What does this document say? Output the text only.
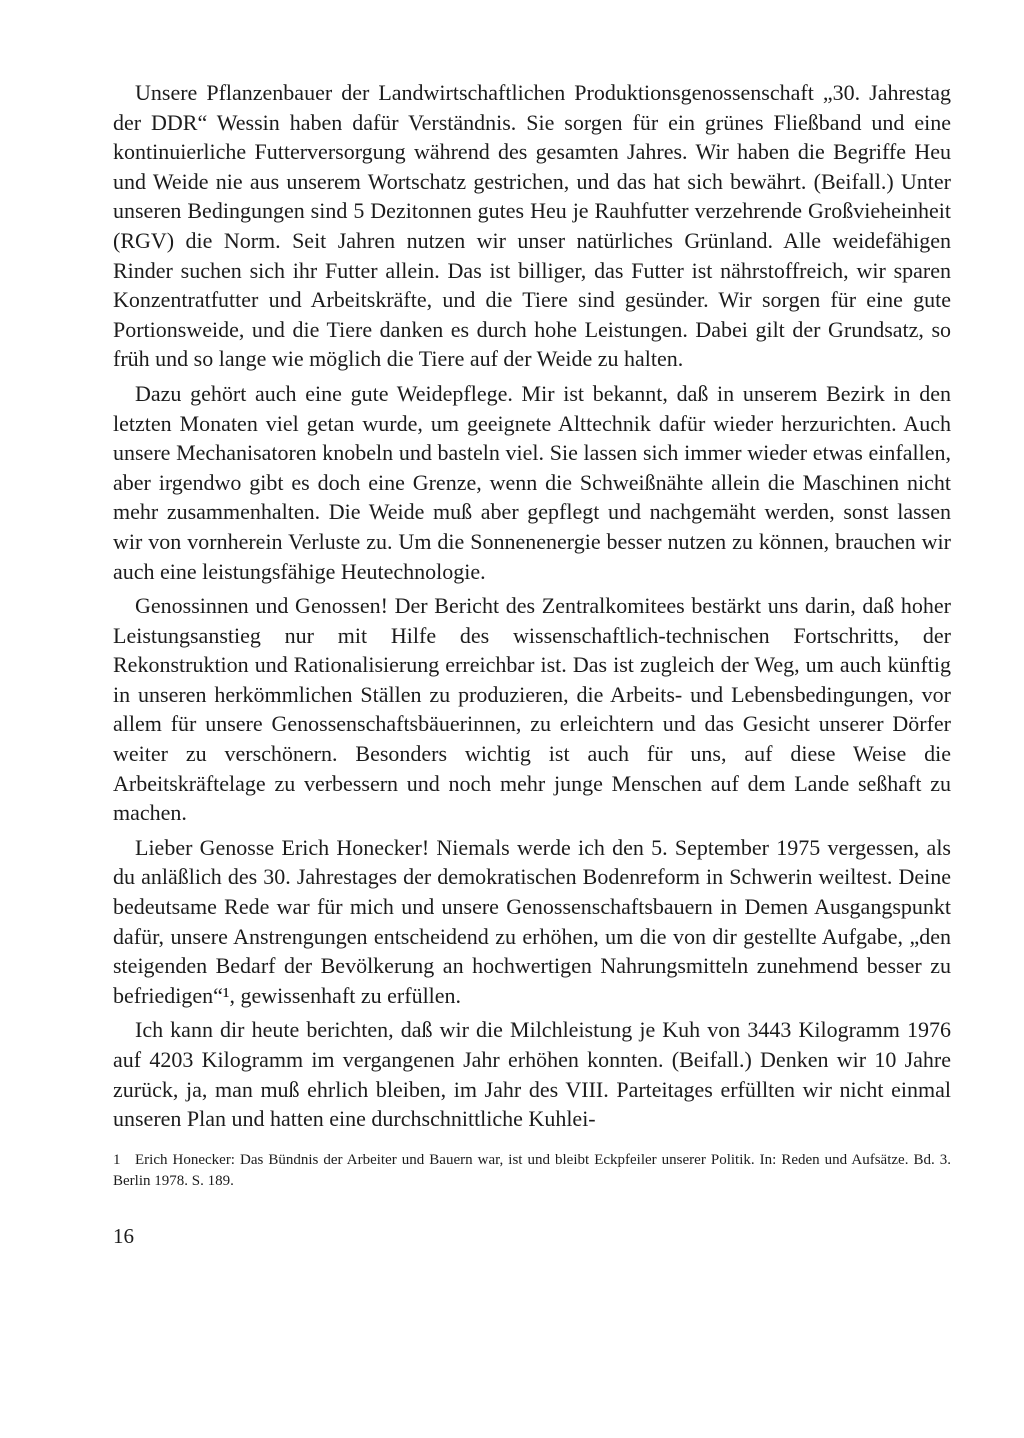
Unsere Pflanzenbauer der Landwirtschaftlichen Produktionsgenossenschaft „30. Jahrestag der DDR“ Wessin haben dafür Verständnis. Sie sorgen für ein grünes Fließband und eine kontinuierliche Futterversorgung während des gesamten Jahres. Wir haben die Begriffe Heu und Weide nie aus unserem Wortschatz gestrichen, und das hat sich bewährt. (Beifall.) Unter unseren Bedingungen sind 5 Dezitonnen gutes Heu je Rauhfutter verzehrende Großvieheinheit (RGV) die Norm. Seit Jahren nutzen wir unser natürliches Grünland. Alle weidefähigen Rinder suchen sich ihr Futter allein. Das ist billiger, das Futter ist nährstoffreich, wir sparen Konzentratfutter und Arbeitskräfte, und die Tiere sind gesünder. Wir sorgen für eine gute Portionsweide, und die Tiere danken es durch hohe Leistungen. Dabei gilt der Grundsatz, so früh und so lange wie möglich die Tiere auf der Weide zu halten.

Dazu gehört auch eine gute Weidepflege. Mir ist bekannt, daß in unserem Bezirk in den letzten Monaten viel getan wurde, um geeignete Alttechnik dafür wieder herzurichten. Auch unsere Mechanisatoren knobeln und basteln viel. Sie lassen sich immer wieder etwas einfallen, aber irgendwo gibt es doch eine Grenze, wenn die Schweißnähte allein die Maschinen nicht mehr zusammenhalten. Die Weide muß aber gepflegt und nachgemäht werden, sonst lassen wir von vornherein Verluste zu. Um die Sonnenenergie besser nutzen zu können, brauchen wir auch eine leistungsfähige Heutechnologie.

Genossinnen und Genossen! Der Bericht des Zentralkomitees bestärkt uns darin, daß hoher Leistungsanstieg nur mit Hilfe des wissenschaftlich-technischen Fortschritts, der Rekonstruktion und Rationalisierung erreichbar ist. Das ist zugleich der Weg, um auch künftig in unseren herkömmlichen Ställen zu produzieren, die Arbeits- und Lebensbedingungen, vor allem für unsere Genossenschaftsbäuerinnen, zu erleichtern und das Gesicht unserer Dörfer weiter zu verschönern. Besonders wichtig ist auch für uns, auf diese Weise die Arbeitskräftelage zu verbessern und noch mehr junge Menschen auf dem Lande seßhaft zu machen.

Lieber Genosse Erich Honecker! Niemals werde ich den 5. September 1975 vergessen, als du anläßlich des 30. Jahrestages der demokratischen Bodenreform in Schwerin weiltest. Deine bedeutsame Rede war für mich und unsere Genossenschaftsbauern in Demen Ausgangspunkt dafür, unsere Anstrengungen entscheidend zu erhöhen, um die von dir gestellte Aufgabe, „den steigenden Bedarf der Bevölkerung an hochwertigen Nahrungsmitteln zunehmend besser zu befriedigen“¹, gewissenhaft zu erfüllen.

Ich kann dir heute berichten, daß wir die Milchleistung je Kuh von 3443 Kilogramm 1976 auf 4203 Kilogramm im vergangenen Jahr erhöhen konnten. (Beifall.) Denken wir 10 Jahre zurück, ja, man muß ehrlich bleiben, im Jahr des VIII. Parteitages erfüllten wir nicht einmal unseren Plan und hatten eine durchschnittliche Kuhlei-

1 Erich Honecker: Das Bündnis der Arbeiter und Bauern war, ist und bleibt Eckpfeiler unserer Politik. In: Reden und Aufsätze. Bd. 3. Berlin 1978. S. 189.
16
